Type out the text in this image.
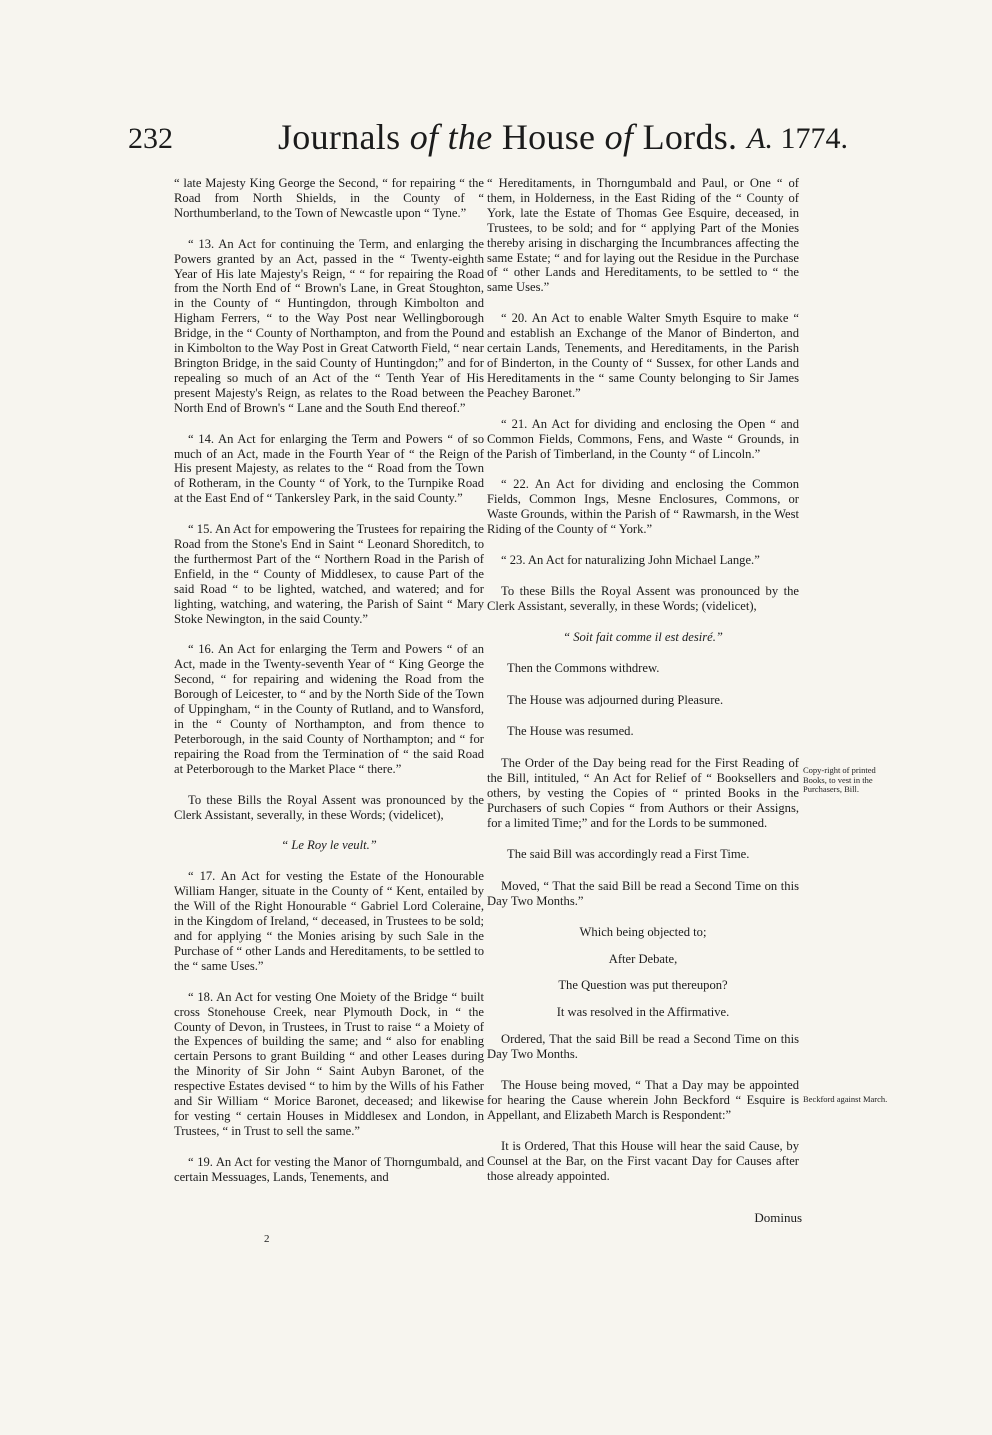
232	Journals of the House of Lords. A. 1774.

“ late Majesty King George the Second, “ for repairing “ the Road from North Shields, in the County of “ Northumberland, to the Town of Newcastle upon “ Tyne.”

“ 13. An Act for continuing the Term, and enlarging the Powers granted by an Act, passed in the “ Twenty-eighth Year of His late Majesty's Reign, “ “ for repairing the Road from the North End of “ Brown's Lane, in Great Stoughton, in the County of “ Huntingdon, through Kimbolton and Higham Ferrers, “ to the Way Post near Wellingborough Bridge, in the “ County of Northampton, and from the Pound in Kimbolton to the Way Post in Great Catworth Field, “ near Brington Bridge, in the said County of Huntingdon;” and for repealing so much of an Act of the “ Tenth Year of His present Majesty's Reign, as relates to the Road between the North End of Brown's “ Lane and the South End thereof.”

“ 14. An Act for enlarging the Term and Powers “ of so much of an Act, made in the Fourth Year of “ the Reign of His present Majesty, as relates to the “ Road from the Town of Rotheram, in the County “ of York, to the Turnpike Road at the East End of “ Tankersley Park, in the said County.”

“ 15. An Act for empowering the Trustees for repairing the Road from the Stone's End in Saint “ Leonard Shoreditch, to the furthermost Part of the “ Northern Road in the Parish of Enfield, in the “ County of Middlesex, to cause Part of the said Road “ to be lighted, watched, and watered; and for lighting, watching, and watering, the Parish of Saint “ Mary Stoke Newington, in the said County.”

“ 16. An Act for enlarging the Term and Powers “ of an Act, made in the Twenty-seventh Year of “ King George the Second, “ for repairing and widening the Road from the Borough of Leicester, to “ and by the North Side of the Town of Uppingham, “ in the County of Rutland, and to Wansford, in the “ County of Northampton, and from thence to Peterborough, in the said County of Northampton; and “ for repairing the Road from the Termination of “ the said Road at Peterborough to the Market Place “ there.”

To these Bills the Royal Assent was pronounced by the Clerk Assistant, severally, in these Words; (videlicet),

“ Le Roy le veult.”

“ 17. An Act for vesting the Estate of the Honourable William Hanger, situate in the County of “ Kent, entailed by the Will of the Right Honourable “ Gabriel Lord Coleraine, in the Kingdom of Ireland, “ deceased, in Trustees to be sold; and for applying “ the Monies arising by such Sale in the Purchase of “ other Lands and Hereditaments, to be settled to the “ same Uses.”

“ 18. An Act for vesting One Moiety of the Bridge “ built cross Stonehouse Creek, near Plymouth Dock, in “ the County of Devon, in Trustees, in Trust to raise “ a Moiety of the Expences of building the same; and “ also for enabling certain Persons to grant Building “ and other Leases during the Minority of Sir John “ Saint Aubyn Baronet, of the respective Estates devised “ to him by the Wills of his Father and Sir William “ Morice Baronet, deceased; and likewise for vesting “ certain Houses in Middlesex and London, in Trustees, “ in Trust to sell the same.”

“ 19. An Act for vesting the Manor of Thorngumbald, and certain Messuages, Lands, Tenements, and

“ Hereditaments, in Thorngumbald and Paul, or One “ of them, in Holderness, in the East Riding of the “ County of York, late the Estate of Thomas Gee Esquire, deceased, in Trustees, to be sold; and for “ applying Part of the Monies thereby arising in discharging the Incumbrances affecting the same Estate; “ and for laying out the Residue in the Purchase of “ other Lands and Hereditaments, to be settled to “ the same Uses.”

“ 20. An Act to enable Walter Smyth Esquire to make “ and establish an Exchange of the Manor of Binderton, and certain Lands, Tenements, and Hereditaments, in the Parish of Binderton, in the County of “ Sussex, for other Lands and Hereditaments in the “ same County belonging to Sir James Peachey Baronet.”

“ 21. An Act for dividing and enclosing the Open “ and Common Fields, Commons, Fens, and Waste “ Grounds, in the Parish of Timberland, in the County “ of Lincoln.”

“ 22. An Act for dividing and enclosing the Common Fields, Common Ings, Mesne Enclosures, Commons, or Waste Grounds, within the Parish of “ Rawmarsh, in the West Riding of the County of “ York.”

“ 23. An Act for naturalizing John Michael Lange.”

To these Bills the Royal Assent was pronounced by the Clerk Assistant, severally, in these Words; (videlicet),

“ Soit fait comme il est desiré.”

Then the Commons withdrew.

The House was adjourned during Pleasure.

The House was resumed.

The Order of the Day being read for the First Reading of the Bill, intituled, “ An Act for Relief of “ Booksellers and others, by vesting the Copies of “ printed Books in the Purchasers of such Copies “ from Authors or their Assigns, for a limited Time;” and for the Lords to be summoned.

The said Bill was accordingly read a First Time.

Moved, “ That the said Bill be read a Second Time on this Day Two Months.”

Which being objected to;

After Debate,

The Question was put thereupon?

It was resolved in the Affirmative.

Ordered, That the said Bill be read a Second Time on this Day Two Months.

The House being moved, “ That a Day may be appointed for hearing the Cause wherein John Beckford “ Esquire is Appellant, and Elizabeth March is Respondent:”

It is Ordered, That this House will hear the said Cause, by Counsel at the Bar, on the First vacant Day for Causes after those already appointed.

Copy-right of printed Books, to vest in the Purchasers, Bill.
Beckford against March.
Dominus
2
